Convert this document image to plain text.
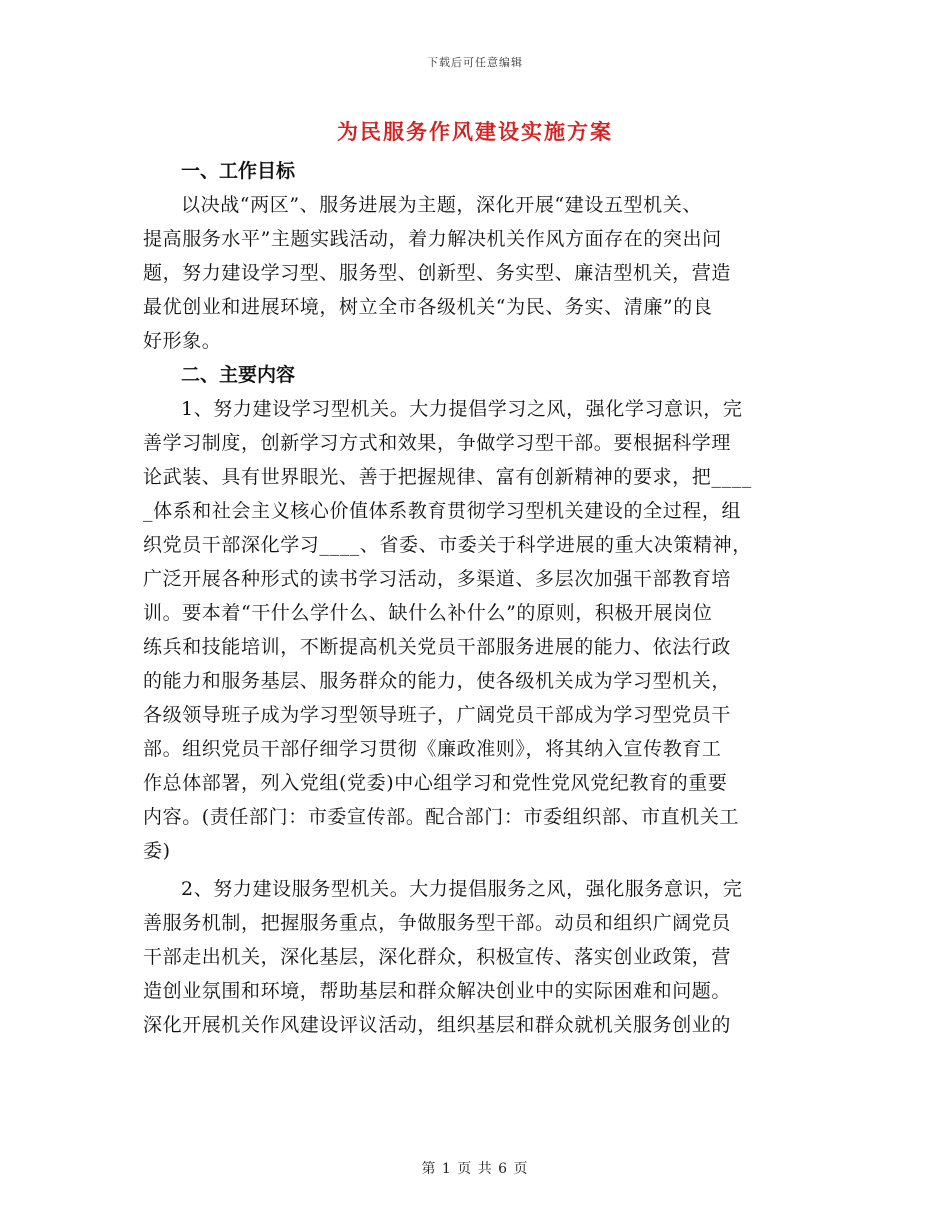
下载后可任意编辑
为民服务作风建设实施方案
一、工作目标
以决战“两区”、服务进展为主题，深化开展“建设五型机关、
提高服务水平”主题实践活动，着力解决机关作风方面存在的突出问
题，努力建设学习型、服务型、创新型、务实型、廉洁型机关，营造
最优创业和进展环境，树立全市各级机关“为民、务实、清廉”的良
好形象。
二、主要内容
1、努力建设学习型机关。大力提倡学习之风，强化学习意识，完
善学习制度，创新学习方式和效果，争做学习型干部。要根据科学理
论武装、具有世界眼光、善于把握规律、富有创新精神的要求，把____
_体系和社会主义核心价值体系教育贯彻学习型机关建设的全过程，组
织党员干部深化学习____、省委、市委关于科学进展的重大决策精神，
广泛开展各种形式的读书学习活动，多渠道、多层次加强干部教育培
训。要本着“干什么学什么、缺什么补什么”的原则，积极开展岗位
练兵和技能培训，不断提高机关党员干部服务进展的能力、依法行政
的能力和服务基层、服务群众的能力，使各级机关成为学习型机关，
各级领导班子成为学习型领导班子，广阔党员干部成为学习型党员干
部。组织党员干部仔细学习贯彻《廉政准则》，将其纳入宣传教育工
作总体部署，列入党组(党委)中心组学习和党性党风党纪教育的重要
内容。(责任部门：市委宣传部。配合部门：市委组织部、市直机关工
委)
2、努力建设服务型机关。大力提倡服务之风，强化服务意识，完
善服务机制，把握服务重点，争做服务型干部。动员和组织广阔党员
干部走出机关，深化基层，深化群众，积极宣传、落实创业政策，营
造创业氛围和环境，帮助基层和群众解决创业中的实际困难和问题。
深化开展机关作风建设评议活动，组织基层和群众就机关服务创业的
第 1 页 共 6 页
